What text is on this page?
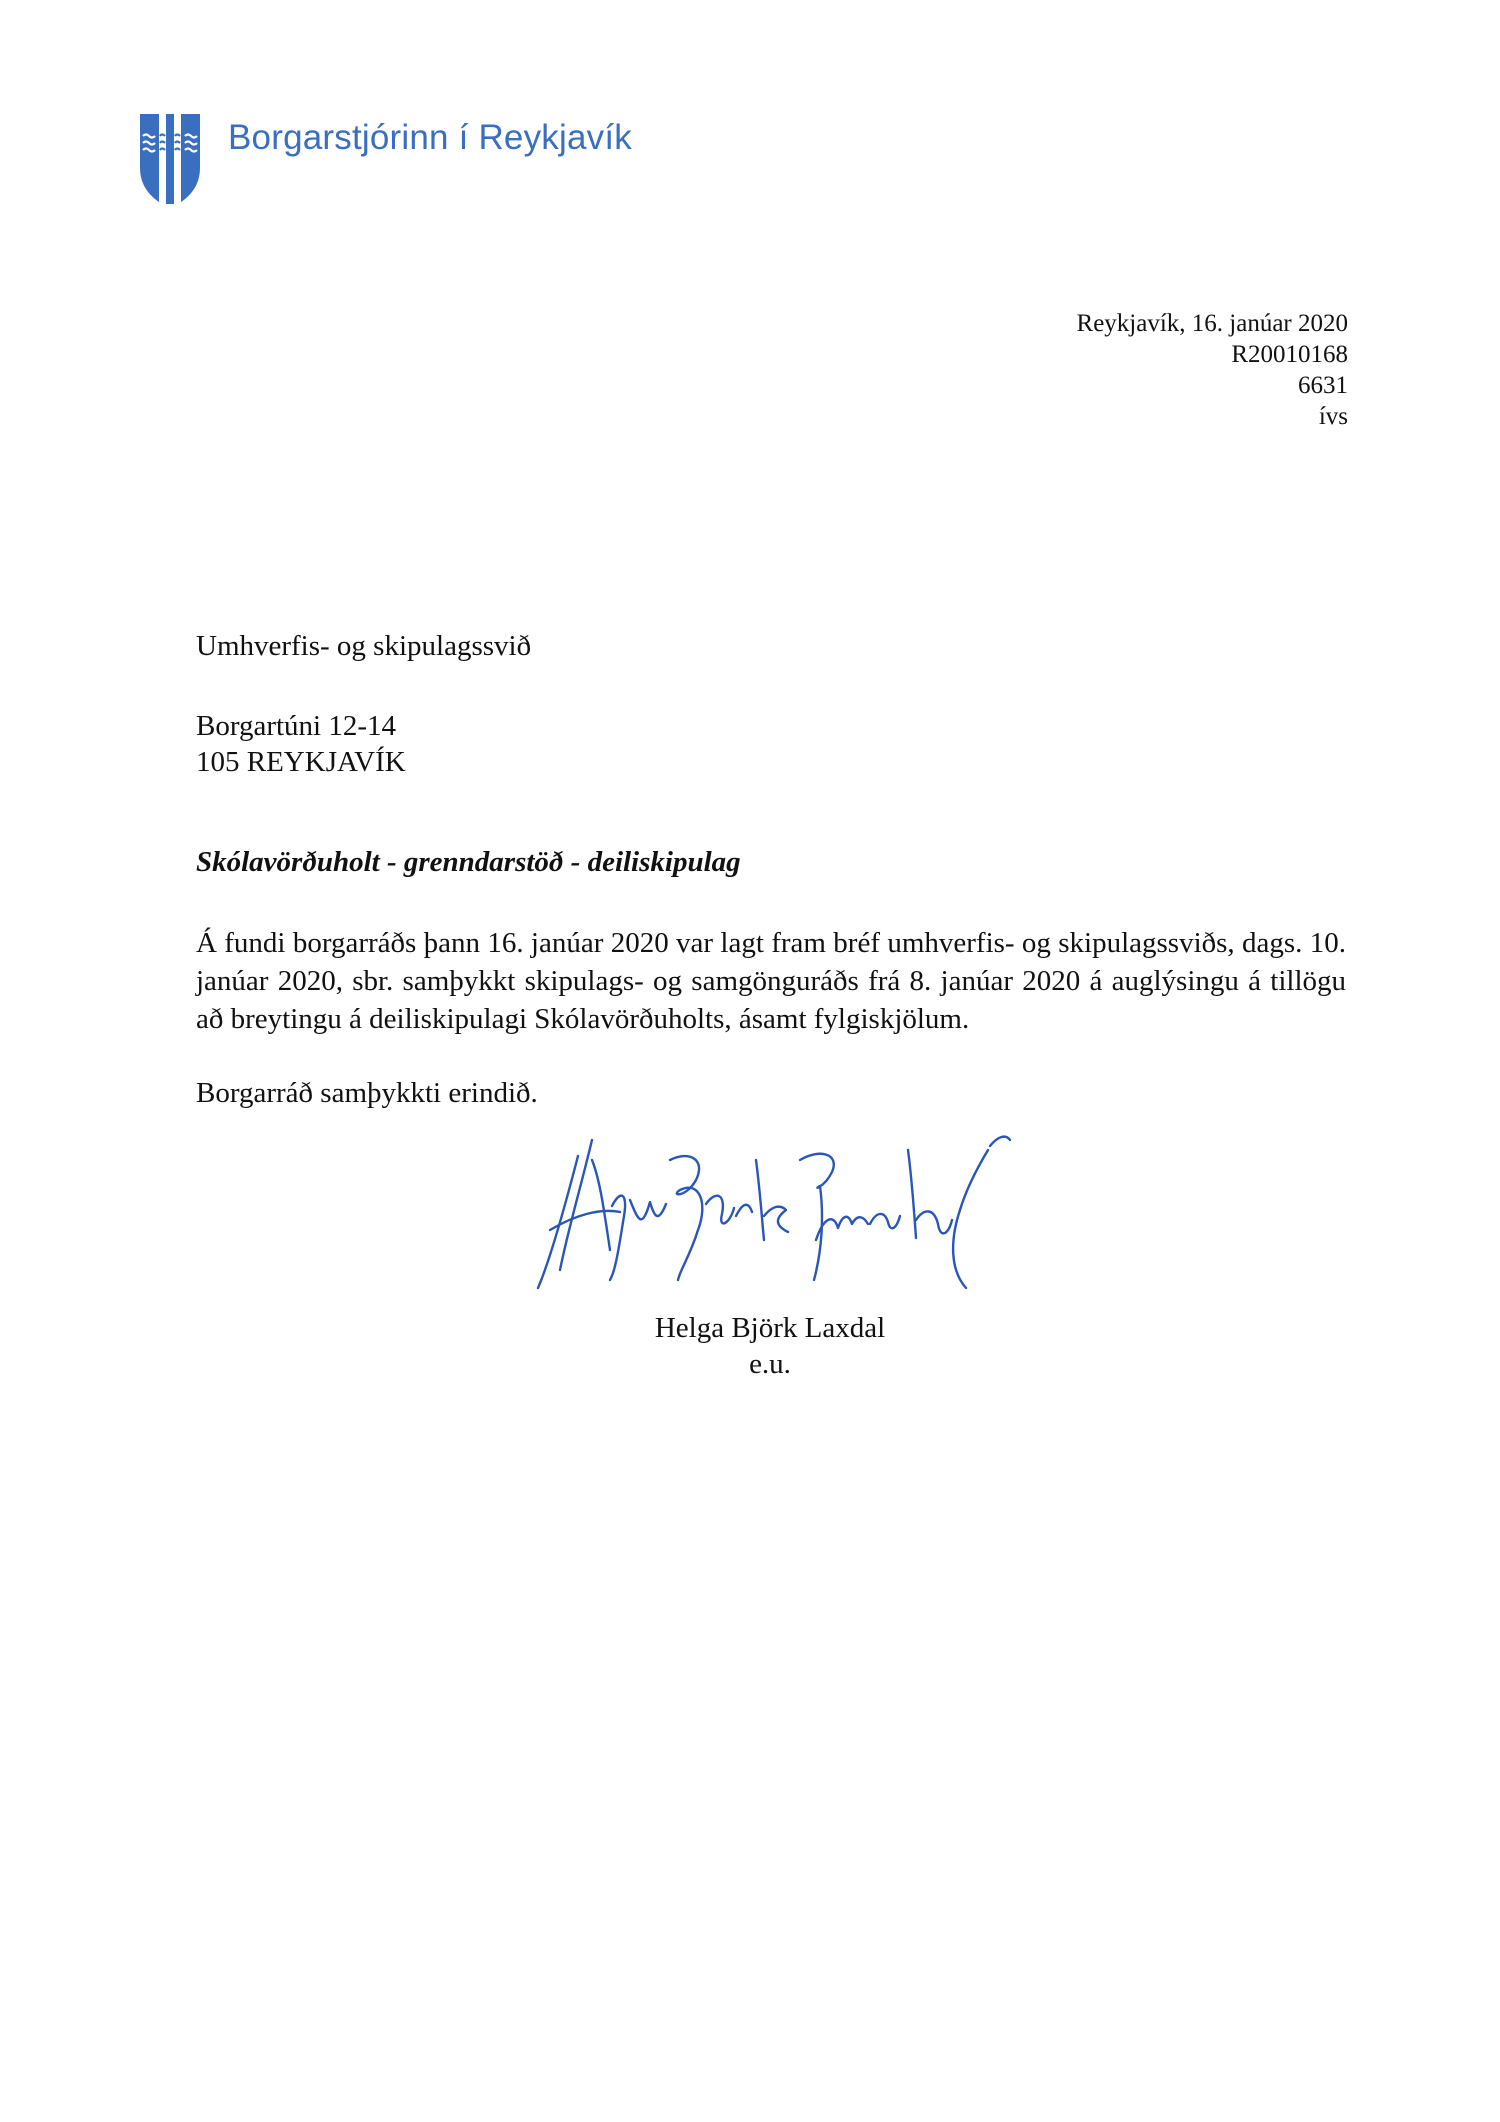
Borgarstjórinn í Reykjavík
Reykjavík, 16. janúar 2020
R20010168
6631
ívs
Umhverfis- og skipulagssvið
Borgartúni 12-14
105 REYKJAVÍK
Skólavörðuholt - grenndarstöð - deiliskipulag

Á fundi borgarráðs þann 16. janúar 2020 var lagt fram bréf umhverfis- og skipulagssviðs, dags. 10. janúar 2020, sbr. samþykkt skipulags- og samgönguráðs frá 8. janúar 2020 á auglýsingu á tillögu að breytingu á deiliskipulagi Skólavörðuholts, ásamt fylgiskjölum.

Borgarráð samþykkti erindið.

Helga Björk Laxdal
e.u.
